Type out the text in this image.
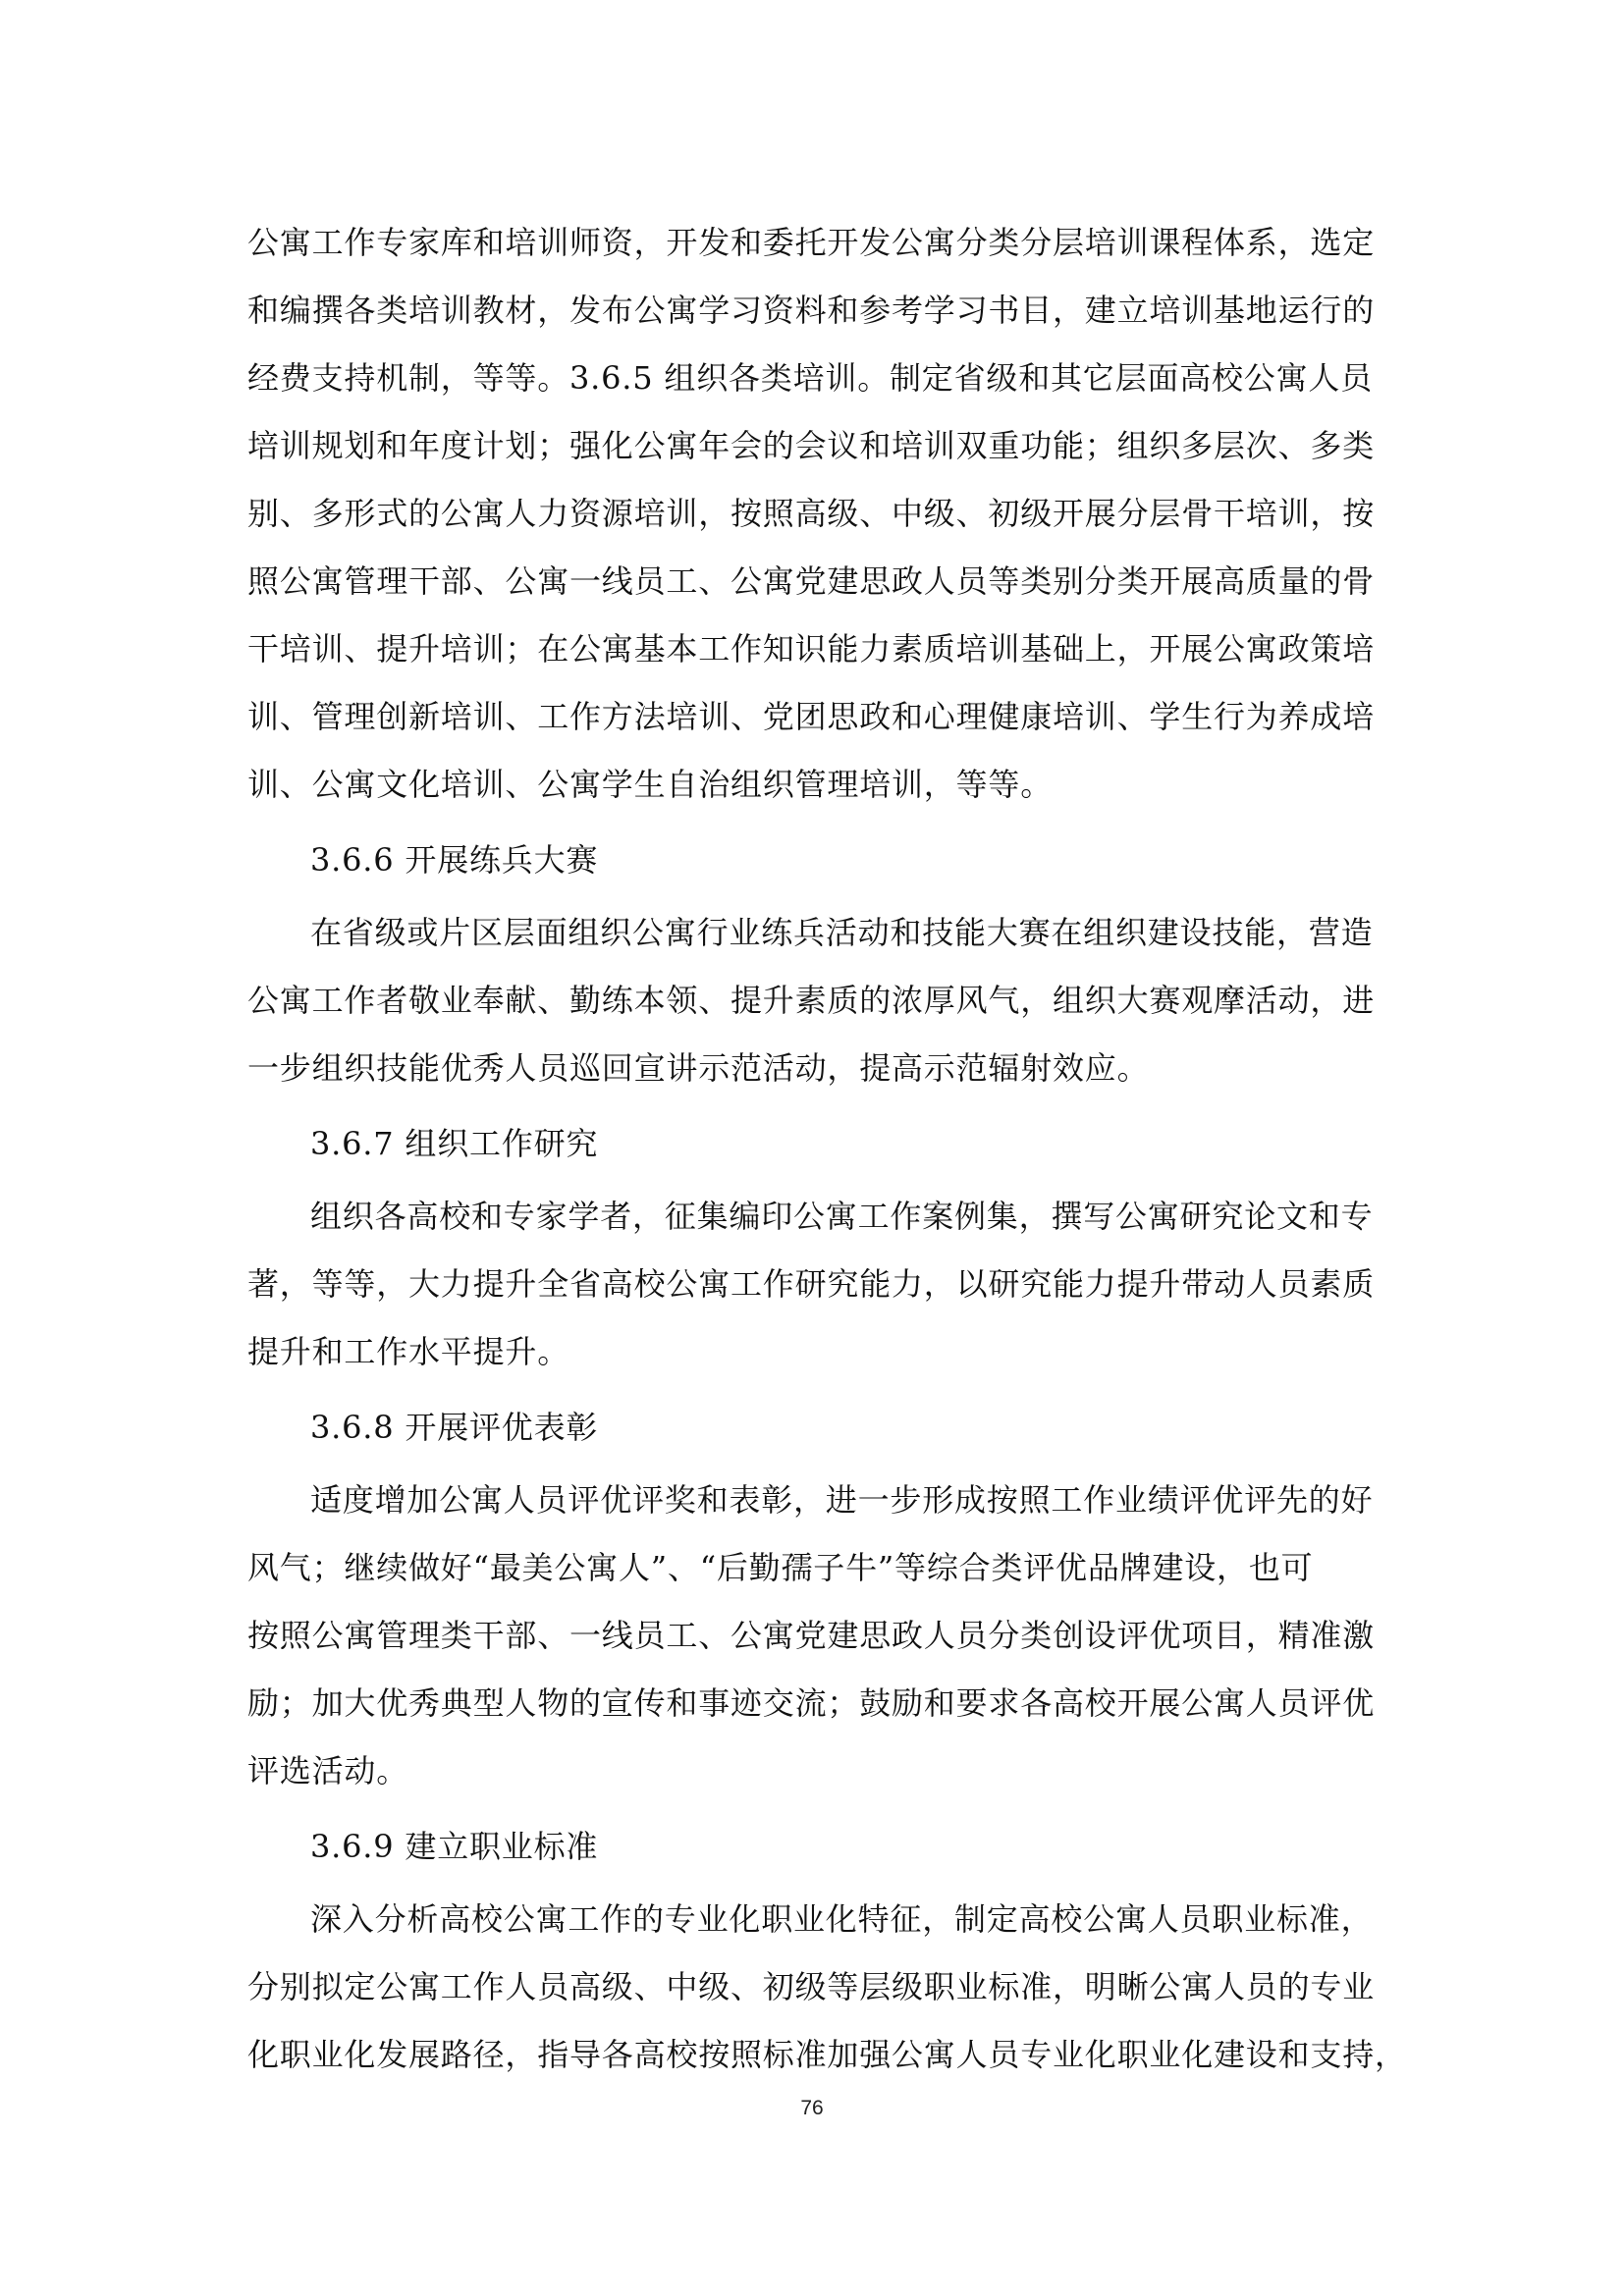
公寓工作专家库和培训师资，开发和委托开发公寓分类分层培训课程体系，选定
和编撰各类培训教材，发布公寓学习资料和参考学习书目，建立培训基地运行的
经费支持机制，等等。3.6.5 组织各类培训。制定省级和其它层面高校公寓人员
培训规划和年度计划；强化公寓年会的会议和培训双重功能；组织多层次、多类
别、多形式的公寓人力资源培训，按照高级、中级、初级开展分层骨干培训，按
照公寓管理干部、公寓一线员工、公寓党建思政人员等类别分类开展高质量的骨
干培训、提升培训；在公寓基本工作知识能力素质培训基础上，开展公寓政策培
训、管理创新培训、工作方法培训、党团思政和心理健康培训、学生行为养成培
训、公寓文化培训、公寓学生自治组织管理培训，等等。
3.6.6 开展练兵大赛
在省级或片区层面组织公寓行业练兵活动和技能大赛在组织建设技能，营造
公寓工作者敬业奉献、勤练本领、提升素质的浓厚风气，组织大赛观摩活动，进
一步组织技能优秀人员巡回宣讲示范活动，提高示范辐射效应。
3.6.7 组织工作研究
组织各高校和专家学者，征集编印公寓工作案例集，撰写公寓研究论文和专
著，等等，大力提升全省高校公寓工作研究能力，以研究能力提升带动人员素质
提升和工作水平提升。
3.6.8 开展评优表彰
适度增加公寓人员评优评奖和表彰，进一步形成按照工作业绩评优评先的好
风气；继续做好“最美公寓人”、“后勤孺子牛”等综合类评优品牌建设，也可
按照公寓管理类干部、一线员工、公寓党建思政人员分类创设评优项目，精准激
励；加大优秀典型人物的宣传和事迹交流；鼓励和要求各高校开展公寓人员评优
评选活动。
3.6.9 建立职业标准
深入分析高校公寓工作的专业化职业化特征，制定高校公寓人员职业标准，
分别拟定公寓工作人员高级、中级、初级等层级职业标准，明晰公寓人员的专业
化职业化发展路径，指导各高校按照标准加强公寓人员专业化职业化建设和支持，
76
